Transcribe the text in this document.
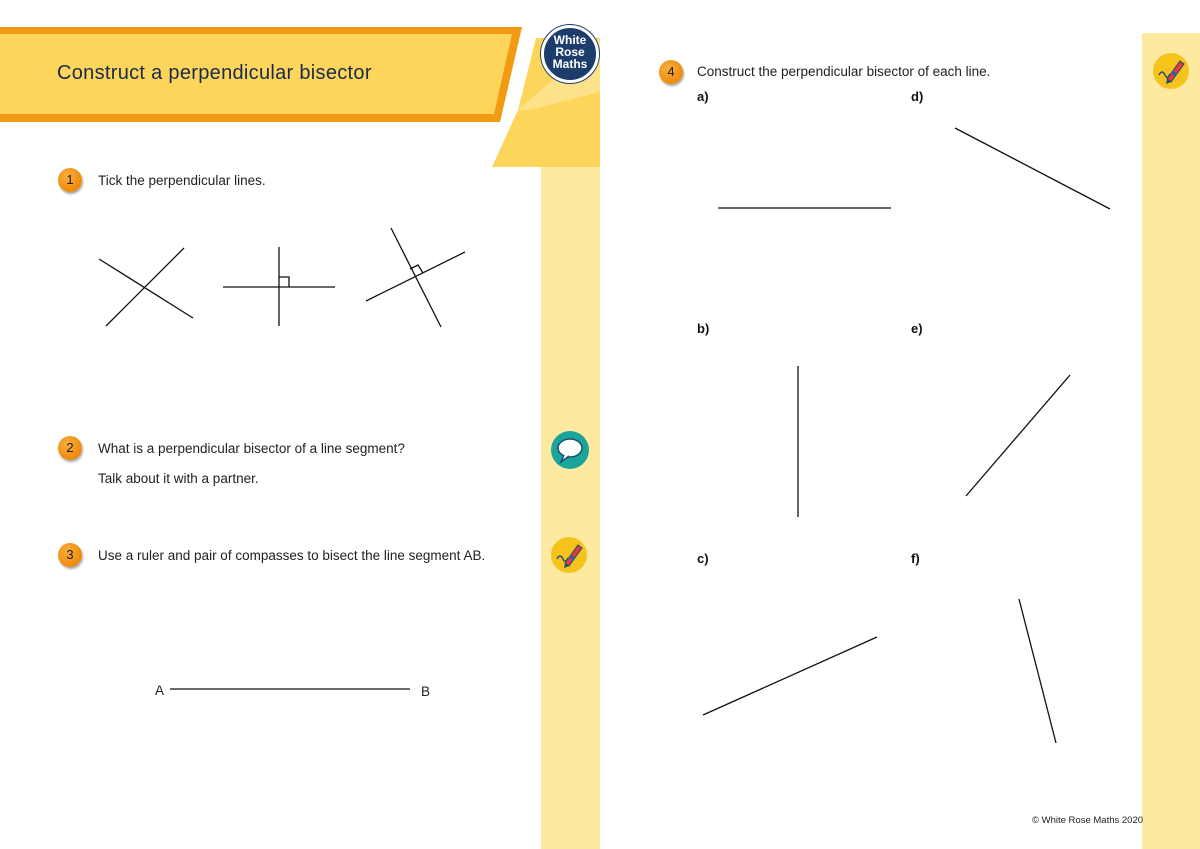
Construct a perpendicular bisector
White
Rose
Maths
1	Tick the perpendicular lines.
2	What is a perpendicular bisector of a line segment?
Talk about it with a partner.
3	Use a ruler and pair of compasses to bisect the line segment AB.
A	B
4	Construct the perpendicular bisector of each line.
a)
b)
c)
d)
e)
f)
© White Rose Maths 2020
